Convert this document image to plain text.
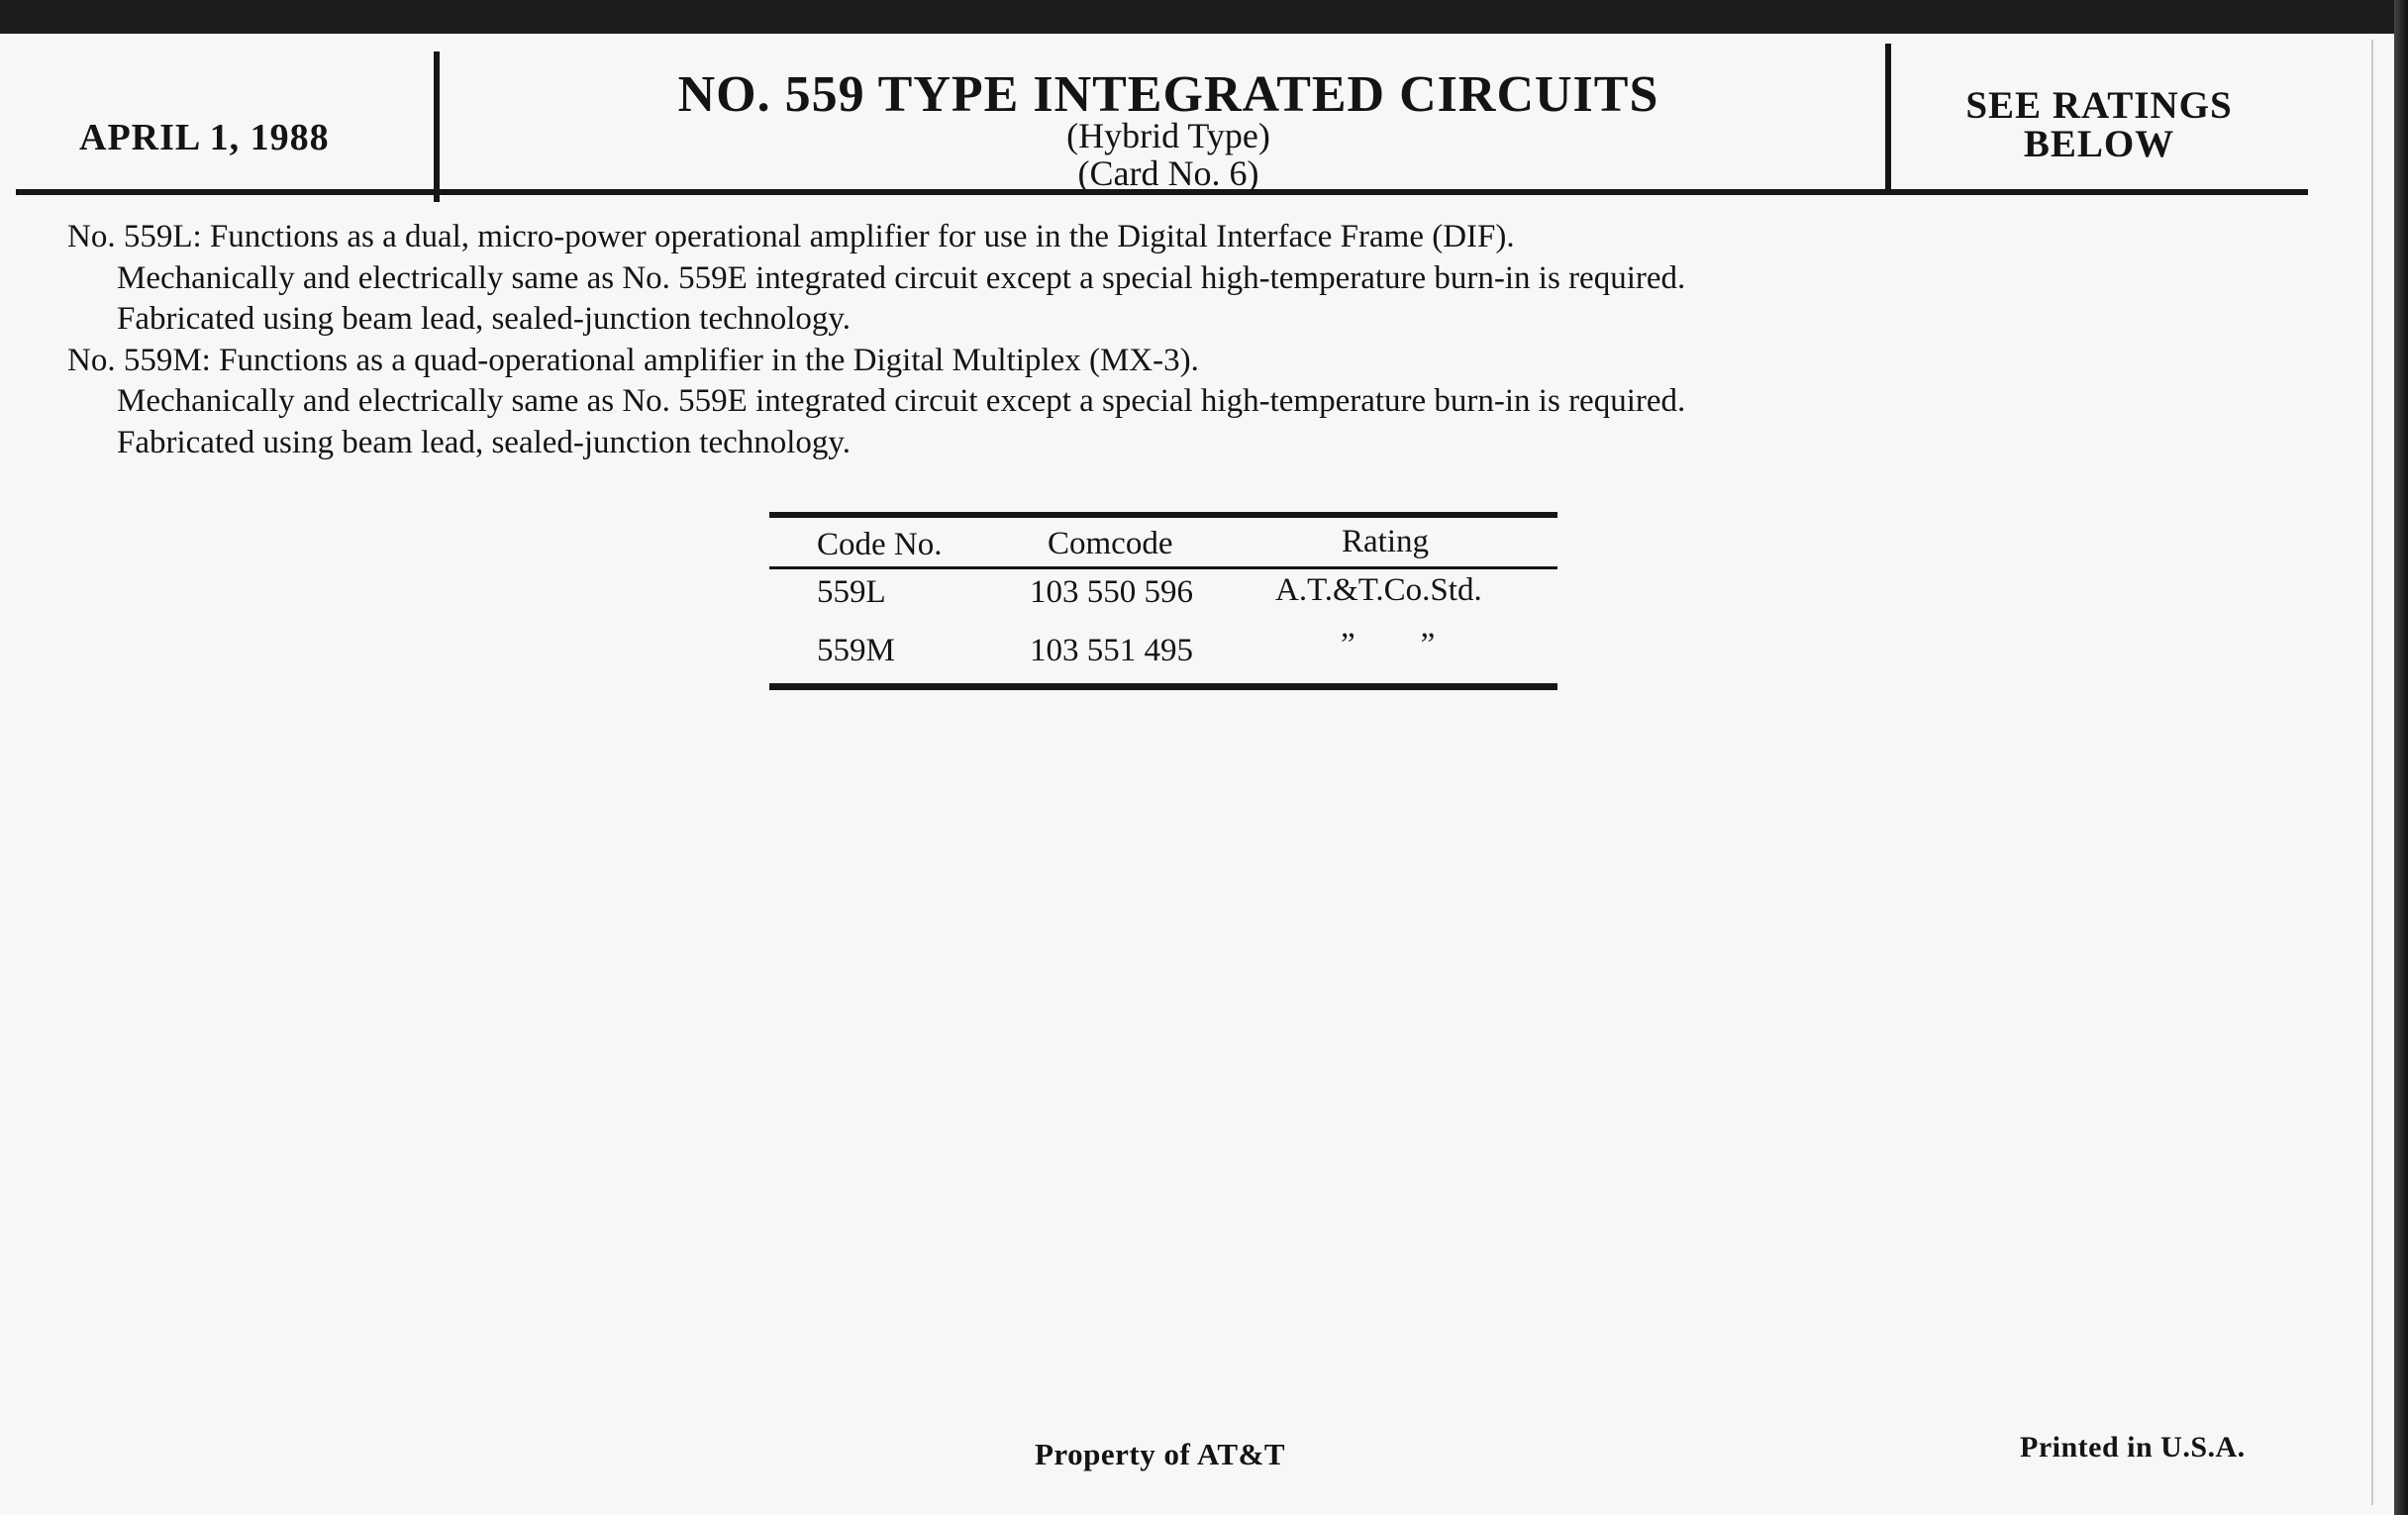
APRIL 1, 1988
NO. 559 TYPE INTEGRATED CIRCUITS
(Hybrid Type)
(Card No. 6)
SEE RATINGS
BELOW
No. 559L: Functions as a dual, micro-power operational amplifier for use in the Digital Interface Frame (DIF).
Mechanically and electrically same as No. 559E integrated circuit except a special high-temperature burn-in is required.
Fabricated using beam lead, sealed-junction technology.
No. 559M: Functions as a quad-operational amplifier in the Digital Multiplex (MX-3).
Mechanically and electrically same as No. 559E integrated circuit except a special high-temperature burn-in is required.
Fabricated using beam lead, sealed-junction technology.
Code No.	Comcode	Rating
559L	103 550 596	A.T.&T.Co.Std.
559M	103 551 495	”  ”
Property of AT&T	Printed in U.S.A.
